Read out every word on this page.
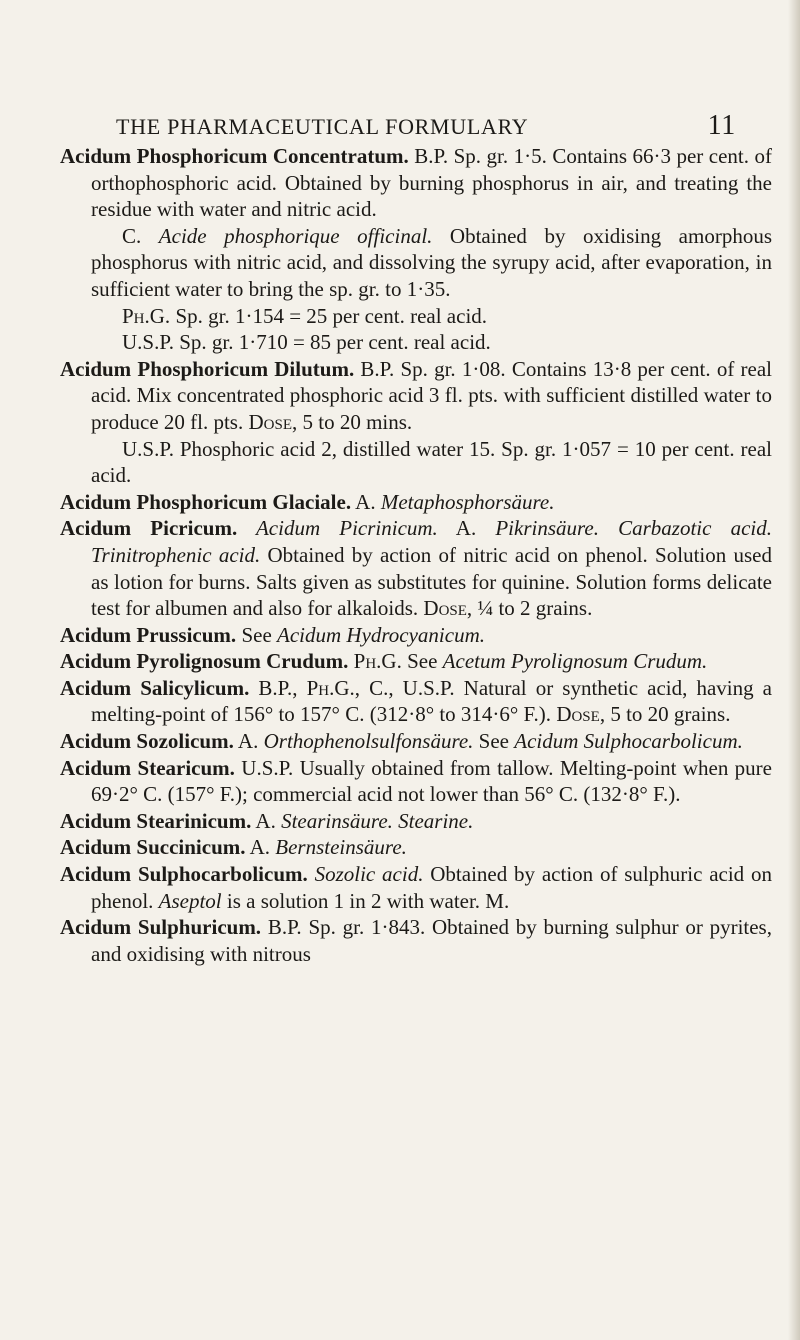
THE PHARMACEUTICAL FORMULARY	11

Acidum Phosphoricum Concentratum. B.P. Sp. gr. 1·5. Contains 66·3 per cent. of orthophosphoric acid. Obtained by burning phosphorus in air, and treating the residue with water and nitric acid.

C. Acide phosphorique officinal. Obtained by oxidising amorphous phosphorus with nitric acid, and dissolving the syrupy acid, after evaporation, in sufficient water to bring the sp. gr. to 1·35.

Ph.G. Sp. gr. 1·154 = 25 per cent. real acid.

U.S.P. Sp. gr. 1·710 = 85 per cent. real acid.

Acidum Phosphoricum Dilutum. B.P. Sp. gr. 1·08. Contains 13·8 per cent. of real acid. Mix concentrated phosphoric acid 3 fl. pts. with sufficient distilled water to produce 20 fl. pts. Dose, 5 to 20 mins.

U.S.P. Phosphoric acid 2, distilled water 15. Sp. gr. 1·057 = 10 per cent. real acid.

Acidum Phosphoricum Glaciale. A. Metaphosphorsäure.

Acidum Picricum. Acidum Picrinicum. A. Pikrinsäure. Carbazotic acid. Trinitrophenic acid. Obtained by action of nitric acid on phenol. Solution used as lotion for burns. Salts given as substitutes for quinine. Solution forms delicate test for albumen and also for alkaloids. Dose, ¼ to 2 grains.

Acidum Prussicum. See Acidum Hydrocyanicum.

Acidum Pyrolignosum Crudum. Ph.G. See Acetum Pyrolignosum Crudum.

Acidum Salicylicum. B.P., Ph.G., C., U.S.P. Natural or synthetic acid, having a melting-point of 156° to 157° C. (312·8° to 314·6° F.). Dose, 5 to 20 grains.

Acidum Sozolicum. A. Orthophenolsulfonsäure. See Acidum Sulphocarbolicum.

Acidum Stearicum. U.S.P. Usually obtained from tallow. Melting-point when pure 69·2° C. (157° F.); commercial acid not lower than 56° C. (132·8° F.).

Acidum Stearinicum. A. Stearinsäure. Stearine.

Acidum Succinicum. A. Bernsteinsäure.

Acidum Sulphocarbolicum. Sozolic acid. Obtained by action of sulphuric acid on phenol. Aseptol is a solution 1 in 2 with water. M.

Acidum Sulphuricum. B.P. Sp. gr. 1·843. Obtained by burning sulphur or pyrites, and oxidising with nitrous
